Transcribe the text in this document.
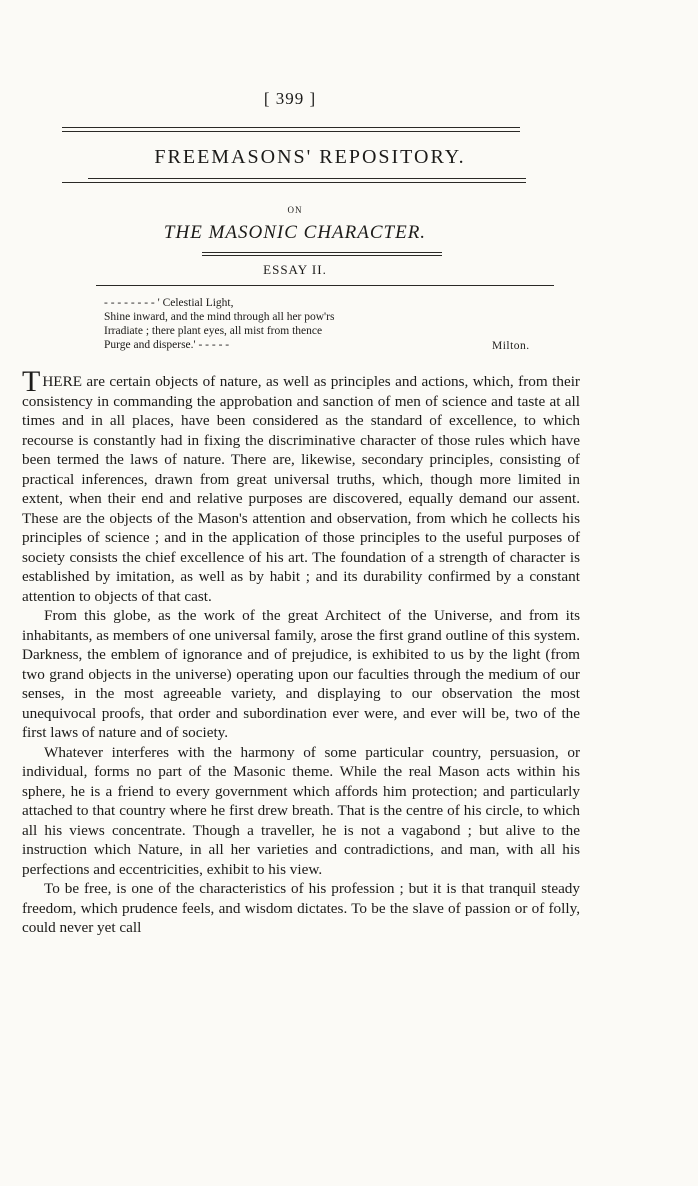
[ 399 ]
FREEMASONS' REPOSITORY.
ON
THE MASONIC CHARACTER.
ESSAY II.
- - - - - - - - ' Celestial Light,
Shine inward, and the mind through all her pow'rs
Irradiate ; there plant eyes, all mist from thence
Purge and disperse.' - - - - -	Milton.

THERE are certain objects of nature, as well as principles and actions, which, from their consistency in commanding the approbation and sanction of men of science and taste at all times and in all places, have been considered as the standard of excellence, to which recourse is constantly had in fixing the discriminative character of those rules which have been termed the laws of nature. There are, likewise, secondary principles, consisting of practical inferences, drawn from great universal truths, which, though more limited in extent, when their end and relative purposes are discovered, equally demand our assent. These are the objects of the Mason's attention and observation, from which he collects his principles of science ; and in the application of those principles to the useful purposes of society consists the chief excellence of his art. The foundation of a strength of character is established by imitation, as well as by habit ; and its durability confirmed by a constant attention to objects of that cast.

From this globe, as the work of the great Architect of the Universe, and from its inhabitants, as members of one universal family, arose the first grand outline of this system. Darkness, the emblem of ignorance and of prejudice, is exhibited to us by the light (from two grand objects in the universe) operating upon our faculties through the medium of our senses, in the most agreeable variety, and displaying to our observation the most unequivocal proofs, that order and subordination ever were, and ever will be, two of the first laws of nature and of society.

Whatever interferes with the harmony of some particular country, persuasion, or individual, forms no part of the Masonic theme. While the real Mason acts within his sphere, he is a friend to every government which affords him protection; and particularly attached to that country where he first drew breath. That is the centre of his circle, to which all his views concentrate. Though a traveller, he is not a vagabond ; but alive to the instruction which Nature, in all her varieties and contradictions, and man, with all his perfections and eccentricities, exhibit to his view.

To be free, is one of the characteristics of his profession ; but it is that tranquil steady freedom, which prudence feels, and wisdom dictates. To be the slave of passion or of folly, could never yet call
